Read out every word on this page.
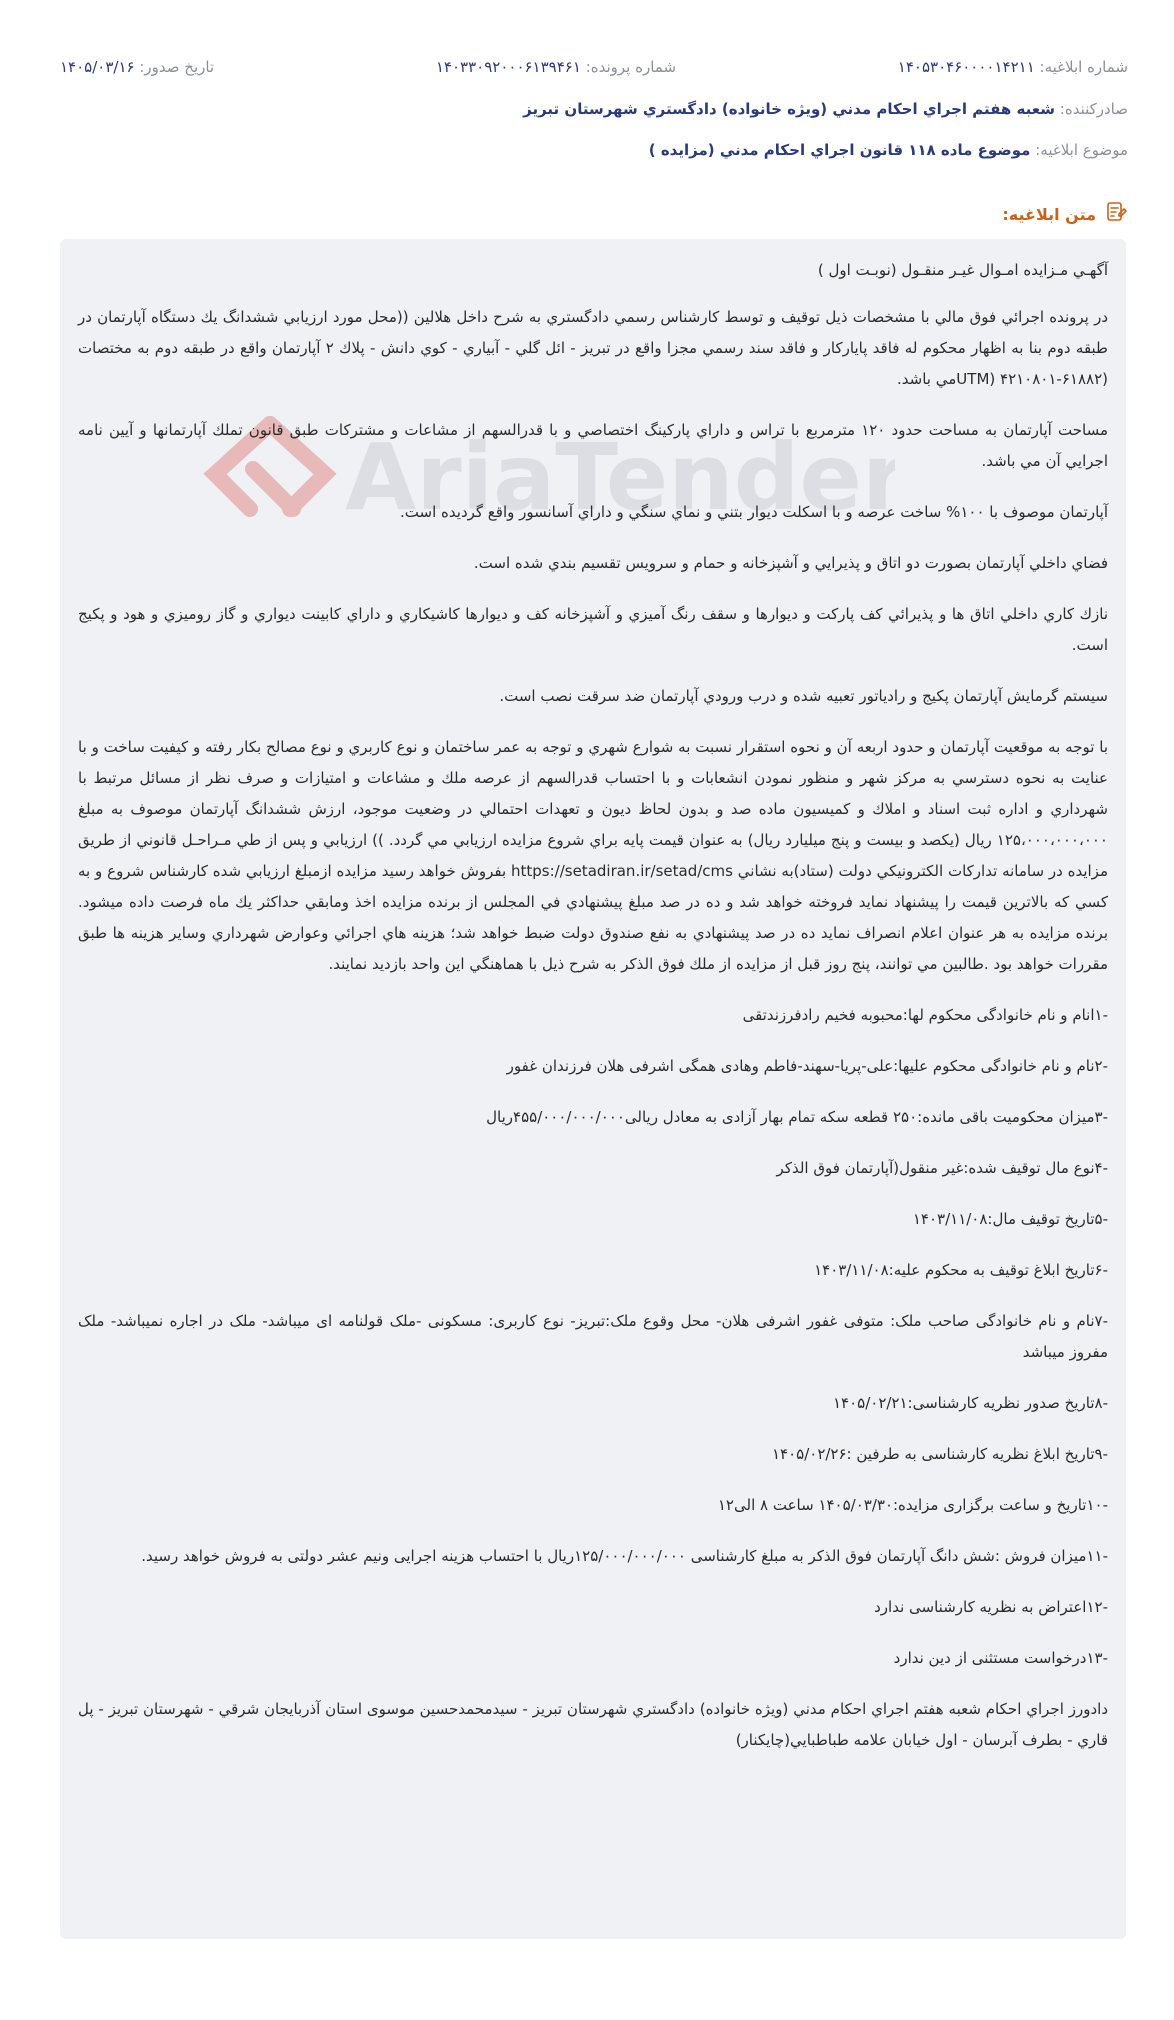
شماره ابلاغيه: ۱۴۰۵۳۰۴۶۰۰۰۰۱۴۲۱۱
شماره پرونده: ۱۴۰۳۳۰۹۲۰۰۰۶۱۳۹۴۶۱
تاريخ صدور: ۱۴۰۵/۰۳/۱۶
صادركننده: شعبه هفتم اجراي احكام مدني (ويژه خانواده) دادگستري شهرستان تبريز
موضوع ابلاغيه: موضوع ماده ۱۱۸ قانون اجراي احكام مدني (مزايده )
متن ابلاغيه:
AriaTender

آگهـي مـزايده امـوال غيـر منقـول (نوبـت اول )

در پرونده اجرائي فوق مالي با مشخصات ذيل توقيف و توسط كارشناس رسمي دادگستري به شرح داخل هلالين ((محل مورد ارزيابي ششدانگ يك دستگاه آپارتمان در طبقه دوم بنا به اظهار محكوم له فاقد پاياركار و فاقد سند رسمي مجزا واقع در تبريز - ائل گلي - آبياري - كوي دانش - پلاك ۲ آپارتمان واقع در طبقه دوم به مختصات (۶۱۸۸۲-۴۲۱۰۸۰۱ (UTMمي باشد.

مساحت آپارتمان به مساحت حدود ۱۲۰ مترمربع با تراس و داراي پاركينگ اختصاصي و با قدرالسهم از مشاعات و مشتركات طبق قانون تملك آپارتمانها و آيين نامه اجرايي آن مي باشد.

آپارتمان موصوف با ۱۰۰% ساخت عرصه و با اسكلت ديوار بتني و نماي سنگي و داراي آسانسور واقع گرديده است.

فضاي داخلي آپارتمان بصورت دو اتاق و پذيرايي و آشپزخانه و حمام و سرويس تقسيم بندي شده است.

نازك كاري داخلي اتاق ها و پذيرائي كف پاركت و ديوارها و سقف رنگ آميزي و آشپزخانه كف و ديوارها كاشيكاري و داراي كابينت ديواري و گاز روميزي و هود و پكيج است.

سيستم گرمايش آپارتمان پكيج و رادياتور تعبيه شده و درب ورودي آپارتمان ضد سرقت نصب است.

با توجه به موقعيت آپارتمان و حدود اربعه آن و نحوه استقرار نسبت به شوارع شهري و توجه به عمر ساختمان و نوع كاربري و نوع مصالح بكار رفته و كيفيت ساخت و با عنايت به نحوه دسترسي به مركز شهر و منظور نمودن انشعابات و با احتساب قدرالسهم از عرصه ملك و مشاعات و امتيازات و صرف نظر از مسائل مرتبط با شهرداري و اداره ثبت اسناد و املاك و كميسيون ماده صد و بدون لحاظ ديون و تعهدات احتمالي در وضعيت موجود، ارزش ششدانگ آپارتمان موصوف به مبلغ ۱۲۵،۰۰۰،۰۰۰،۰۰۰ ريال (يكصد و بيست و پنج ميليارد ريال) به عنوان قيمت پايه براي شروع مزايده ارزيابي مي گردد. )) ارزيابي و پس از طي مـراحـل قانوني از طريق مزايده در سامانه تداركات الكترونيكي دولت (ستاد)به نشاني https://setadiran.ir/setad/cms بفروش خواهد رسيد مزايده ازمبلغ ارزيابي شده كارشناس شروع و به كسي كه بالاترين قيمت را پيشنهاد نمايد فروخته خواهد شد و ده در صد مبلغ پيشنهادي في المجلس از برنده مزايده اخذ ومابقي حداكثر يك ماه فرصت داده ميشود. برنده مزايده به هر عنوان اعلام انصراف نمايد ده در صد پيشنهادي به نفع صندوق دولت ضبط خواهد شد؛ هزينه هاي اجرائي وعوارض شهرداري وساير هزينه ها طبق مقررات خواهد بود .طالبين مي توانند، پنج روز قبل از مزايده از ملك فوق الذكر به شرح ذيل با هماهنگي اين واحد بازديد نمايند.

-۱انام و نام خانوادگی محكوم لها:محبوبه فخيم رادفرزندتقی

-۲نام و نام خانوادگی محكوم عليها:علی-پريا-سهند-فاطم وهادی همگی اشرفی هلان فرزندان غفور

-۳ميزان محكوميت باقی مانده:۲۵۰ قطعه سكه تمام بهار آزادی به معادل ريالی۴۵۵/۰۰۰/۰۰۰/۰۰۰ريال

-۴نوع مال توقيف شده:غير منقول(آپارتمان فوق الذكر

-۵تاريخ توقيف مال:۱۴۰۳/۱۱/۰۸

-۶تاريخ ابلاغ توقيف به محكوم عليه:۱۴۰۳/۱۱/۰۸

-۷نام و نام خانوادگی صاحب ملک: متوفی غفور اشرفی هلان- محل وقوع ملک:تبريز- نوع كاربری: مسكونی -ملک قولنامه ای ميباشد- ملک در اجاره نميباشد- ملک مفروز ميباشد

-۸تاريخ صدور نظريه كارشناسی:۱۴۰۵/۰۲/۲۱

-۹تاريخ ابلاغ نظريه كارشناسی به طرفين :۱۴۰۵/۰۲/۲۶

-۱۰تاريخ و ساعت برگزاری مزايده:۱۴۰۵/۰۳/۳۰ ساعت ۸ الی۱۲

-۱۱ميزان فروش :شش دانگ آپارتمان فوق الذكر به مبلغ كارشناسی ۱۲۵/۰۰۰/۰۰۰/۰۰۰ريال با احتساب هزينه اجرايی ونيم عشر دولتی به فروش خواهد رسيد.

-۱۲اعتراض به نظريه كارشناسی ندارد

-۱۳درخواست مستثنی از دين ندارد

دادورز اجراي احكام شعبه هفتم اجراي احكام مدني (ويژه خانواده) دادگستري شهرستان تبريز - سيدمحمدحسين موسوی استان آذربايجان شرقي - شهرستان تبريز - پل قاري - بطرف آبرسان - اول خيابان علامه طباطبايي(چايكنار)
